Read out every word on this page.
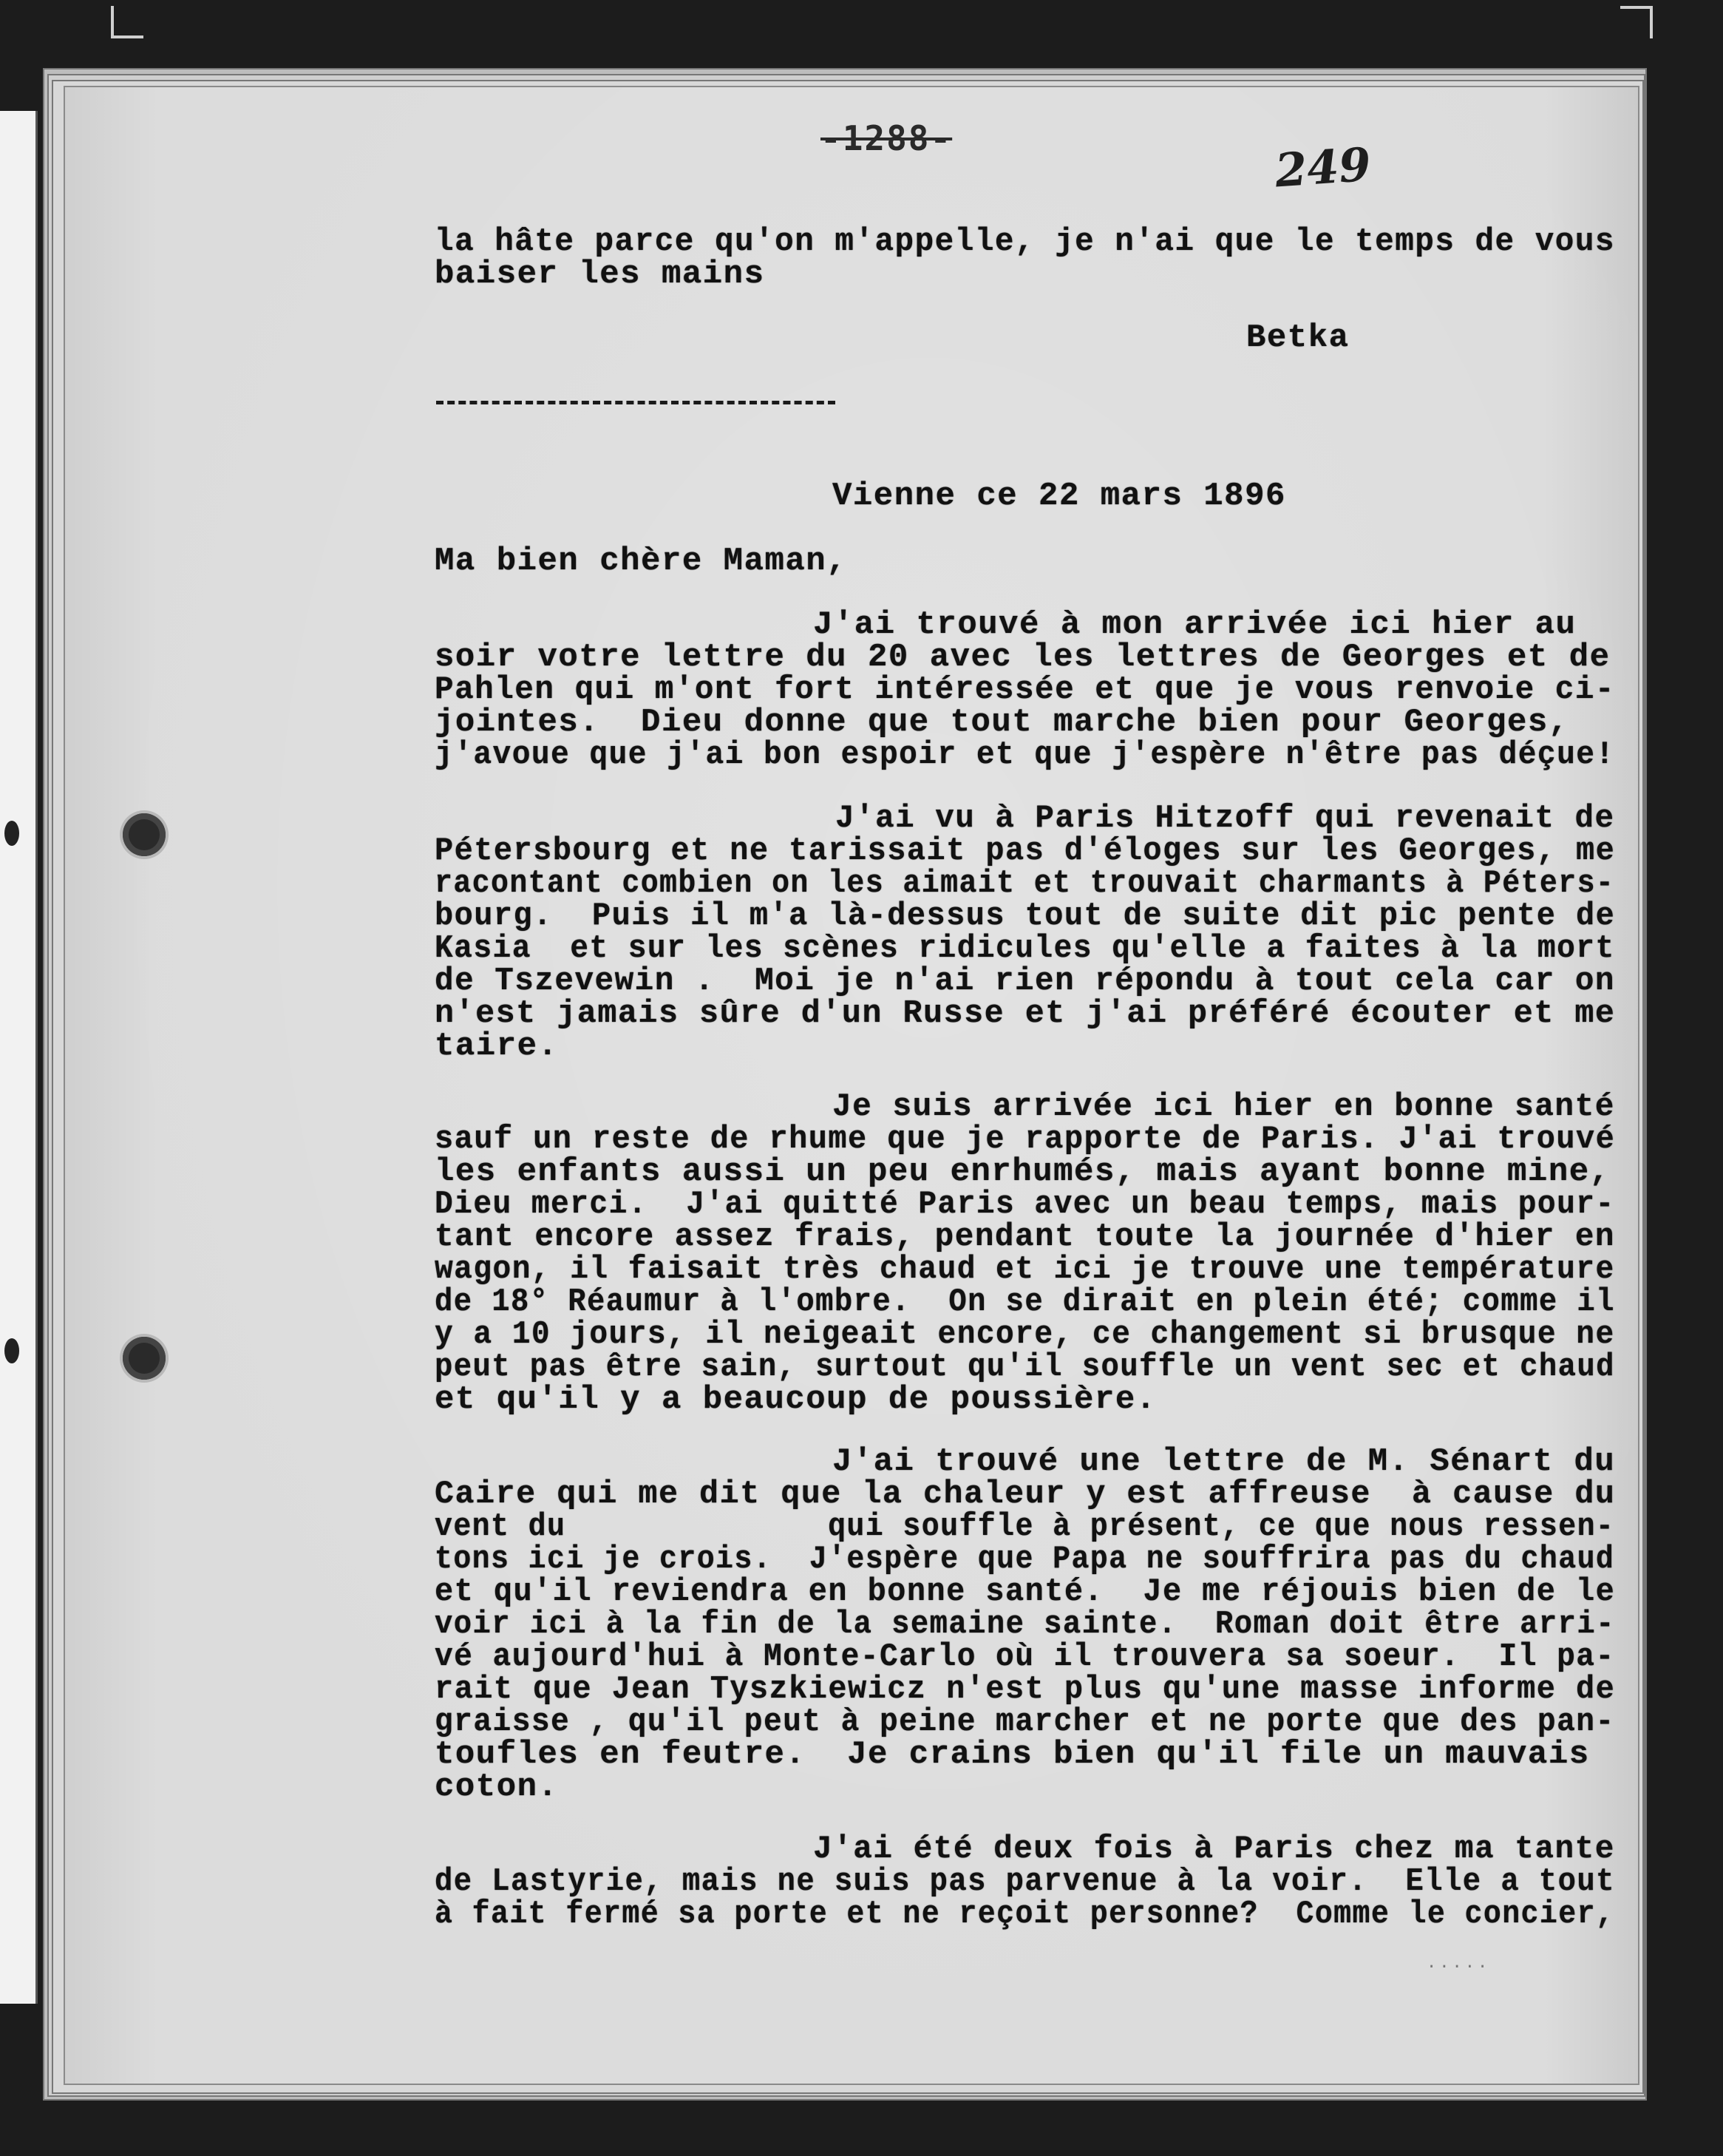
-1288-	249

la hâte parce qu'on m'appelle, je n'ai que le temps de vous

baiser les mains

Betka

Vienne ce 22 mars 1896

Ma bien chère Maman,

J'ai trouvé à mon arrivée ici hier au

soir votre lettre du 20 avec les lettres de Georges et de

Pahlen qui m'ont fort intéressée et que je vous renvoie ci-

jointes.  Dieu donne que tout marche bien pour Georges,

j'avoue que j'ai bon espoir et que j'espère n'être pas déçue!

J'ai vu à Paris Hitzoff qui revenait de

Pétersbourg et ne tarissait pas d'éloges sur les Georges, me

racontant combien on les aimait et trouvait charmants à Péters-

bourg.  Puis il m'a là-dessus tout de suite dit pic pente de

Kasia  et sur les scènes ridicules qu'elle a faites à la mort

de Tszevewin .  Moi je n'ai rien répondu à tout cela car on

n'est jamais sûre d'un Russe et j'ai préféré écouter et me

taire.

Je suis arrivée ici hier en bonne santé

sauf un reste de rhume que je rapporte de Paris. J'ai trouvé

les enfants aussi un peu enrhumés, mais ayant bonne mine,

Dieu merci.  J'ai quitté Paris avec un beau temps, mais pour-

tant encore assez frais, pendant toute la journée d'hier en

wagon, il faisait très chaud et ici je trouve une température

de 18° Réaumur à l'ombre.  On se dirait en plein été; comme il

y a 10 jours, il neigeait encore, ce changement si brusque ne

peut pas être sain, surtout qu'il souffle un vent sec et chaud

et qu'il y a beaucoup de poussière.

J'ai trouvé une lettre de M. Sénart du

Caire qui me dit que la chaleur y est affreuse  à cause du

vent du              qui souffle à présent, ce que nous ressen-

tons ici je crois.  J'espère que Papa ne souffrira pas du chaud

et qu'il reviendra en bonne santé.  Je me réjouis bien de le

voir ici à la fin de la semaine sainte.  Roman doit être arri-

vé aujourd'hui à Monte-Carlo où il trouvera sa soeur.  Il pa-

rait que Jean Tyszkiewicz n'est plus qu'une masse informe de

graisse , qu'il peut à peine marcher et ne porte que des pan-

toufles en feutre.  Je crains bien qu'il file un mauvais

coton.

J'ai été deux fois à Paris chez ma tante

de Lastyrie, mais ne suis pas parvenue à la voir.  Elle a tout

à fait fermé sa porte et ne reçoit personne?  Comme le concier,

·····
